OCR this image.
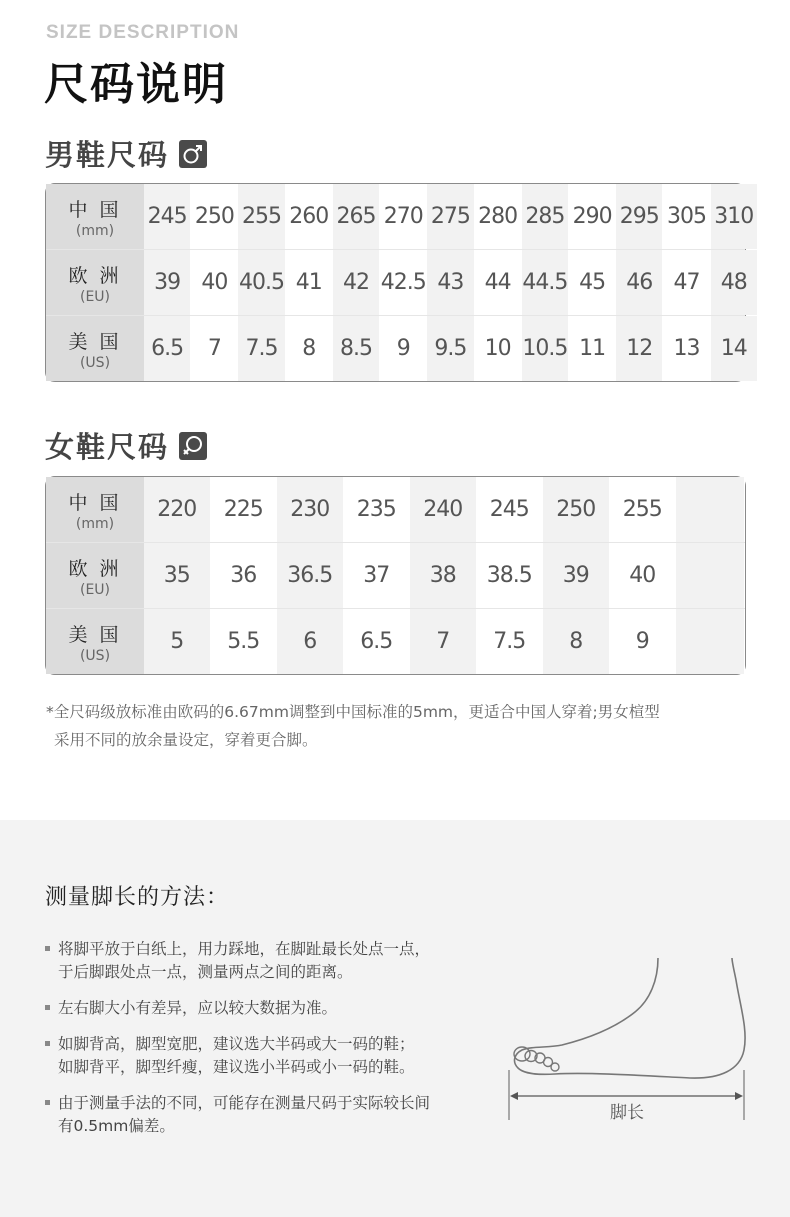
SIZE DESCRIPTION
尺码说明
男鞋尺码
中 国
(mm)
245 250 255 260 265 270 275 280 285 290 295 305 310
欧 洲
(EU)
39 40 40.5 41 42 42.5 43 44 44.5 45 46 47 48
美 国
(US)
6.5	7	7.5	8	8.5	9	9.5 10 10.5 11 12 13 14
女鞋尺码
中 国
(mm)
220	225	230	235	240	245	250	255
欧 洲
(EU)
35	36	36.5	37	38	38.5	39	40
美 国
(US)
5	5.5	6	6.5	7	7.5	8	9
*全尺码级放标准由欧码的6.67mm调整到中国标准的5mm，更适合中国人穿着;男女楦型
采用不同的放余量设定，穿着更合脚。
测量脚长的方法：
将脚平放于白纸上，用力踩地，在脚趾最长处点一点，
于后脚跟处点一点，测量两点之间的距离。
左右脚大小有差异，应以较大数据为准。
如脚背高，脚型宽肥，建议选大半码或大一码的鞋；
如脚背平，脚型纤瘦，建议选小半码或小一码的鞋。
由于测量手法的不同，可能存在测量尺码于实际较长间
有0.5mm偏差。
脚长
